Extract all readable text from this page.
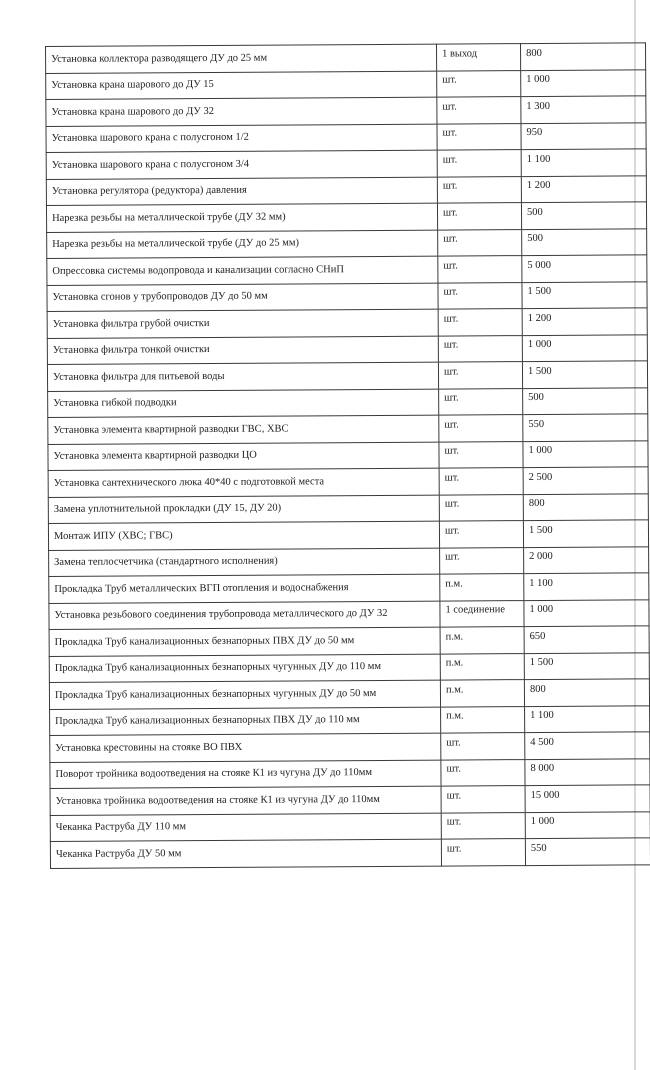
Установка коллектора разводящего ДУ до 25 мм	1 выход	800
Установка крана шарового до ДУ 15	шт.	1 000
Установка крана шарового до ДУ 32	шт.	1 300
Установка шарового крана с полусгоном 1/2	шт.	950
Установка шарового крана с полусгоном 3/4	шт.	1 100
Установка регулятора (редуктора) давления	шт.	1 200
Нарезка резьбы на металлической трубе (ДУ 32 мм)	шт.	500
Нарезка резьбы на металлической трубе (ДУ до 25 мм)	шт.	500
Опрессовка системы водопровода и канализации согласно СНиП	шт.	5 000
Установка сгонов у трубопроводов ДУ до 50 мм	шт.	1 500
Установка фильтра грубой очистки	шт.	1 200
Установка фильтра тонкой очистки	шт.	1 000
Установка фильтра для питьевой воды	шт.	1 500
Установка гибкой подводки	шт.	500
Установка элемента квартирной разводки ГВС, ХВС	шт.	550
Установка элемента квартирной разводки ЦО	шт.	1 000
Установка сантехнического люка 40*40 с подготовкой места	шт.	2 500
Замена уплотнительной прокладки (ДУ 15, ДУ 20)	шт.	800
Монтаж ИПУ (ХВС; ГВС)	шт.	1 500
Замена теплосчетчика (стандартного исполнения)	шт.	2 000
Прокладка Труб металлических ВГП отопления и водоснабжения	п.м.	1 100
Установка резьбового соединения трубопровода металлического до ДУ 32	1 соединение	1 000
Прокладка Труб канализационных безнапорных ПВХ ДУ до 50 мм	п.м.	650
Прокладка Труб канализационных безнапорных чугунных ДУ до 110 мм	п.м.	1 500
Прокладка Труб канализационных безнапорных чугунных ДУ до 50 мм	п.м.	800
Прокладка Труб канализационных безнапорных ПВХ ДУ до 110 мм	п.м.	1 100
Установка крестовины на стояке ВО ПВХ	шт.	4 500
Поворот тройника водоотведения на стояке К1 из чугуна ДУ до 110мм	шт.	8 000
Установка тройника водоотведения на стояке К1 из чугуна ДУ до 110мм	шт.	15 000
Чеканка Раструба ДУ 110 мм	шт.	1 000
Чеканка Раструба ДУ 50 мм	шт.	550
